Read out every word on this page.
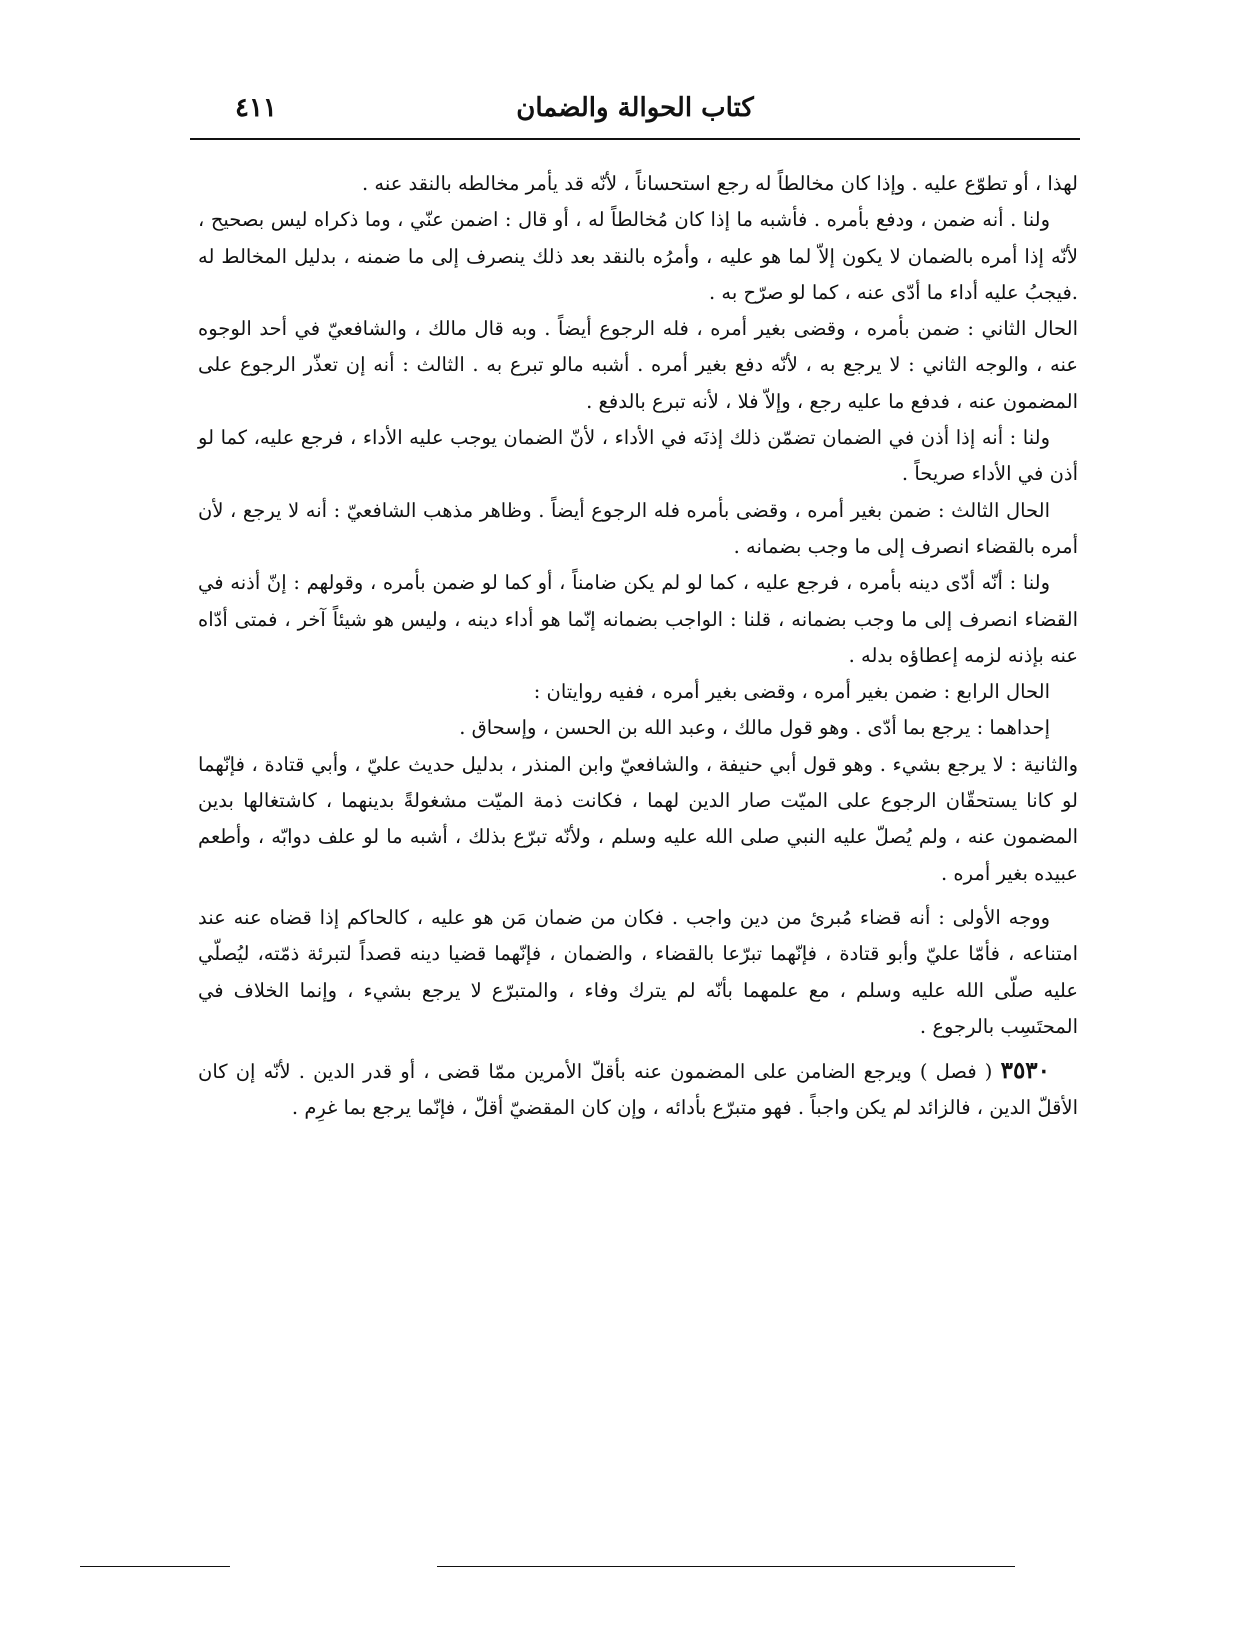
كتاب الحوالة والضمان
٤١١

لهذا ، أو تطوّع عليه . وإذا كان مخالطاً له رجع استحساناً ، لأنّه قد يأمر مخالطه بالنقد عنه .

ولنا . أنه ضمن ، ودفع بأمره . فأشبه ما إذا كان مُخالطاً له ، أو قال : اضمن عنّي ، وما ذكراه ليس بصحيح ، لأنّه إذا أمره بالضمان لا يكون إلاّ لما هو عليه ، وأمرُه بالنقد بعد ذلك ينصرف إلى ما ضمنه ، بدليل المخالط له .فيجبُ عليه أداء ما أدّى عنه ، كما لو صرّح به .

الحال الثاني : ضمن بأمره ، وقضى بغير أمره ، فله الرجوع أيضاً . وبه قال مالك ، والشافعيّ في أحد الوجوه عنه ، والوجه الثاني : لا يرجع به ، لأنّه دفع بغير أمره . أشبه مالو تبرع به . الثالث : أنه إن تعذّر الرجوع على المضمون عنه ، فدفع ما عليه رجع ، وإلاّ فلا ، لأنه تبرع بالدفع .

ولنا : أنه إذا أذن في الضمان تضمّن ذلك إذنَه في الأداء ، لأنّ الضمان يوجب عليه الأداء ، فرجع عليه، كما لو أذن في الأداء صريحاً .

الحال الثالث : ضمن بغير أمره ، وقضى بأمره فله الرجوع أيضاً . وظاهر مذهب الشافعيّ : أنه لا يرجع ، لأن أمره بالقضاء انصرف إلى ما وجب بضمانه .

ولنا : أنّه أدّى دينه بأمره ، فرجع عليه ، كما لو لم يكن ضامناً ، أو كما لو ضمن بأمره ، وقولهم : إنّ أذنه في القضاء انصرف إلى ما وجب بضمانه ، قلنا : الواجب بضمانه إنّما هو أداء دينه ، وليس هو شيئاً آخر ، فمتى أدّاه عنه بإذنه لزمه إعطاؤه بدله .

الحال الرابع : ضمن بغير أمره ، وقضى بغير أمره ، ففيه روايتان :

إحداهما : يرجع بما أدّى . وهو قول مالك ، وعبد الله بن الحسن ، وإسحاق .

والثانية : لا يرجع بشيء . وهو قول أبي حنيفة ، والشافعيّ وابن المنذر ، بدليل حديث عليّ ، وأبي قتادة ، فإنّهما لو كانا يستحقّان الرجوع على الميّت صار الدين لهما ، فكانت ذمة الميّت مشغولةً بدينهما ، كاشتغالها بدين المضمون عنه ، ولم يُصلّ عليه النبي صلى الله عليه وسلم ، ولأنّه تبرّع بذلك ، أشبه ما لو علف دوابّه ، وأطعم عبيده بغير أمره .

ووجه الأولى : أنه قضاء مُبرئ من دين واجب . فكان من ضمان مَن هو عليه ، كالحاكم إذا قضاه عنه عند امتناعه ، فأمّا عليّ وأبو قتادة ، فإنّهما تبرّعا بالقضاء ، والضمان ، فإنّهما قضيا دينه قصداً لتبرئة ذمّته، ليُصلّي عليه صلّى الله عليه وسلم ، مع علمهما بأنّه لم يترك وفاء ، والمتبرّع لا يرجع بشيء ، وإنما الخلاف في المحتَسِب بالرجوع .

٣٥٣٠ ( فصل ) ويرجع الضامن على المضمون عنه بأقلّ الأمرين ممّا قضى ، أو قدر الدين . لأنّه إن كان الأقلّ الدين ، فالزائد لم يكن واجباً . فهو متبرّع بأدائه ، وإن كان المقضيّ أقلّ ، فإنّما يرجع بما غرِم .
